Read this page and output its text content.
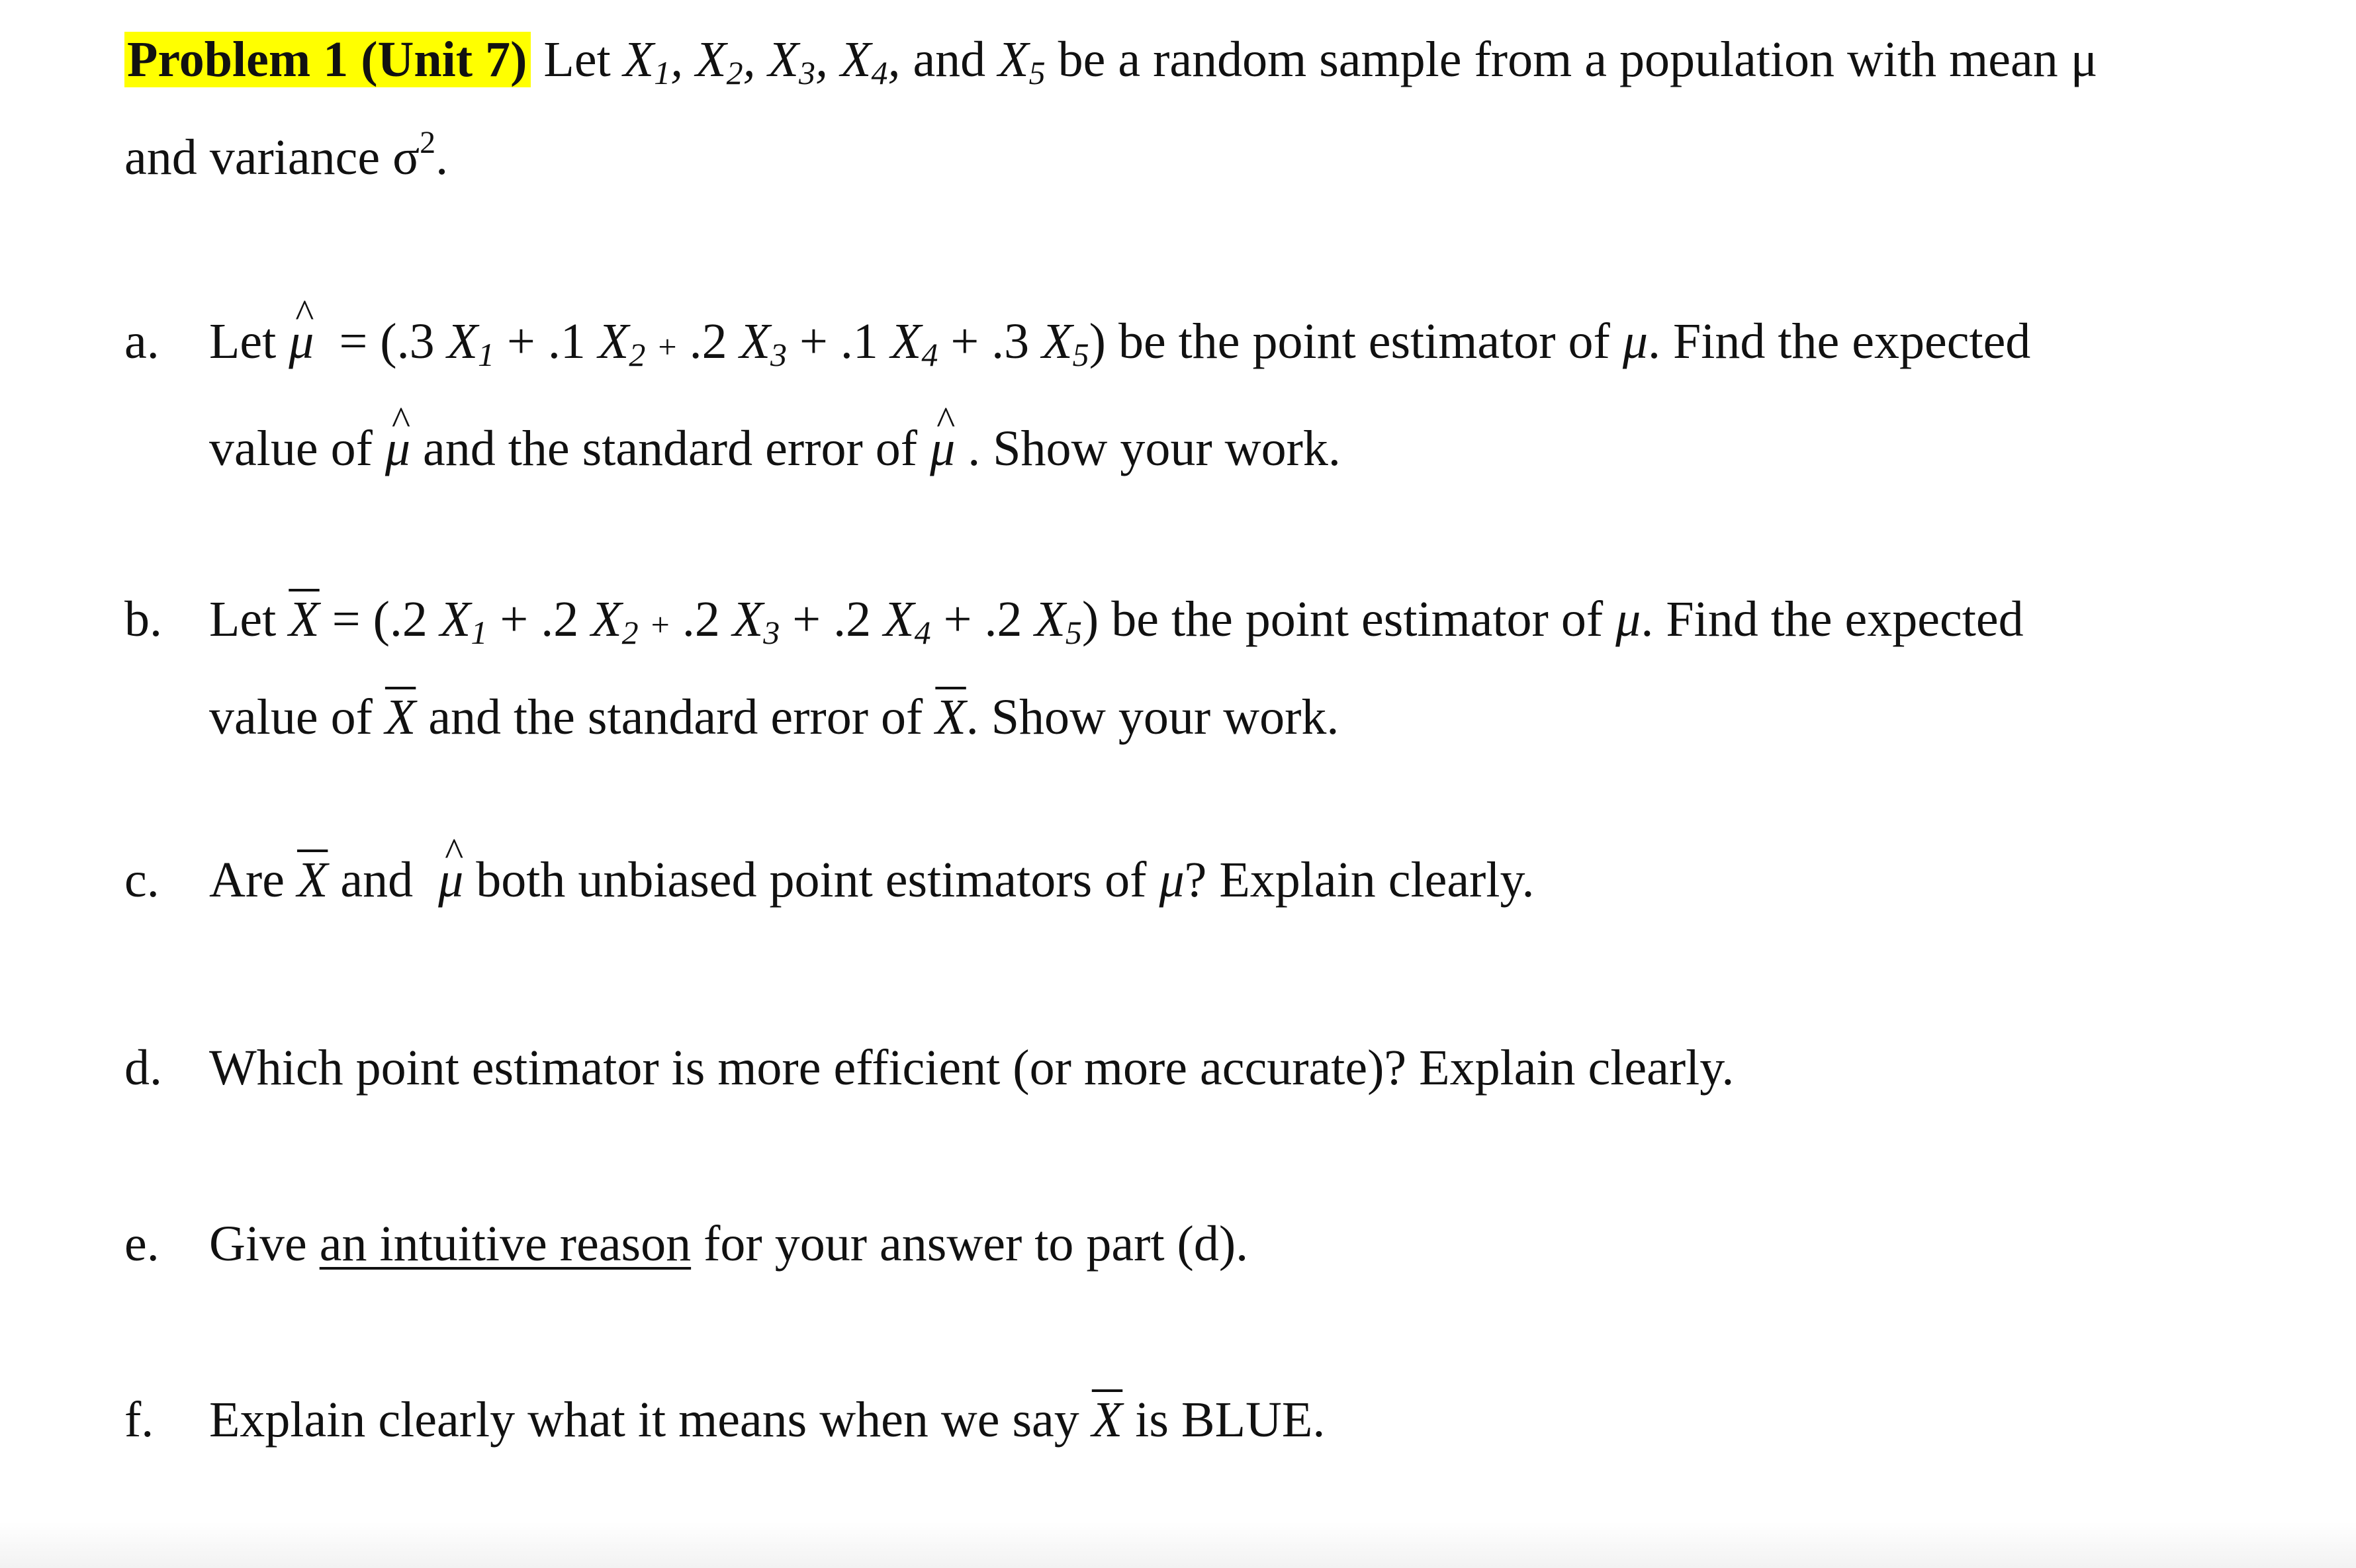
Problem 1 (Unit 7) Let $X_1$, $X_2$, $X_3$, $X_4$, and $X_5$ be a random sample from a population with mean μ
and variance $\sigma^2$.
a. Let ^ μ  = (.3 $X_1 + .1$ $X_2 + .2$ $X_3 + .1$ $X_4 + .3$ $X_5$) be the point estimator of μ. Find the expected
value of ^ μ and the standard error of ^ μ . Show your work.
b. Let $\overline{X} = (.2$ $X_1 + .2$ $X_2 + .2$ $X_3 + .2$ $X_4 + .2$ $X_5$) be the point estimator of μ. Find the expected
value of $\overline{X}$ and the standard error of $\overline{X}$. Show your work.
c. Are $\overline{X}$ and ^ μ both unbiased point estimators of μ? Explain clearly.
d. Which point estimator is more efficient (or more accurate)? Explain clearly.
e. Give an intuitive reason for your answer to part (d).
f. Explain clearly what it means when we say $\overline{X}$ is BLUE.
